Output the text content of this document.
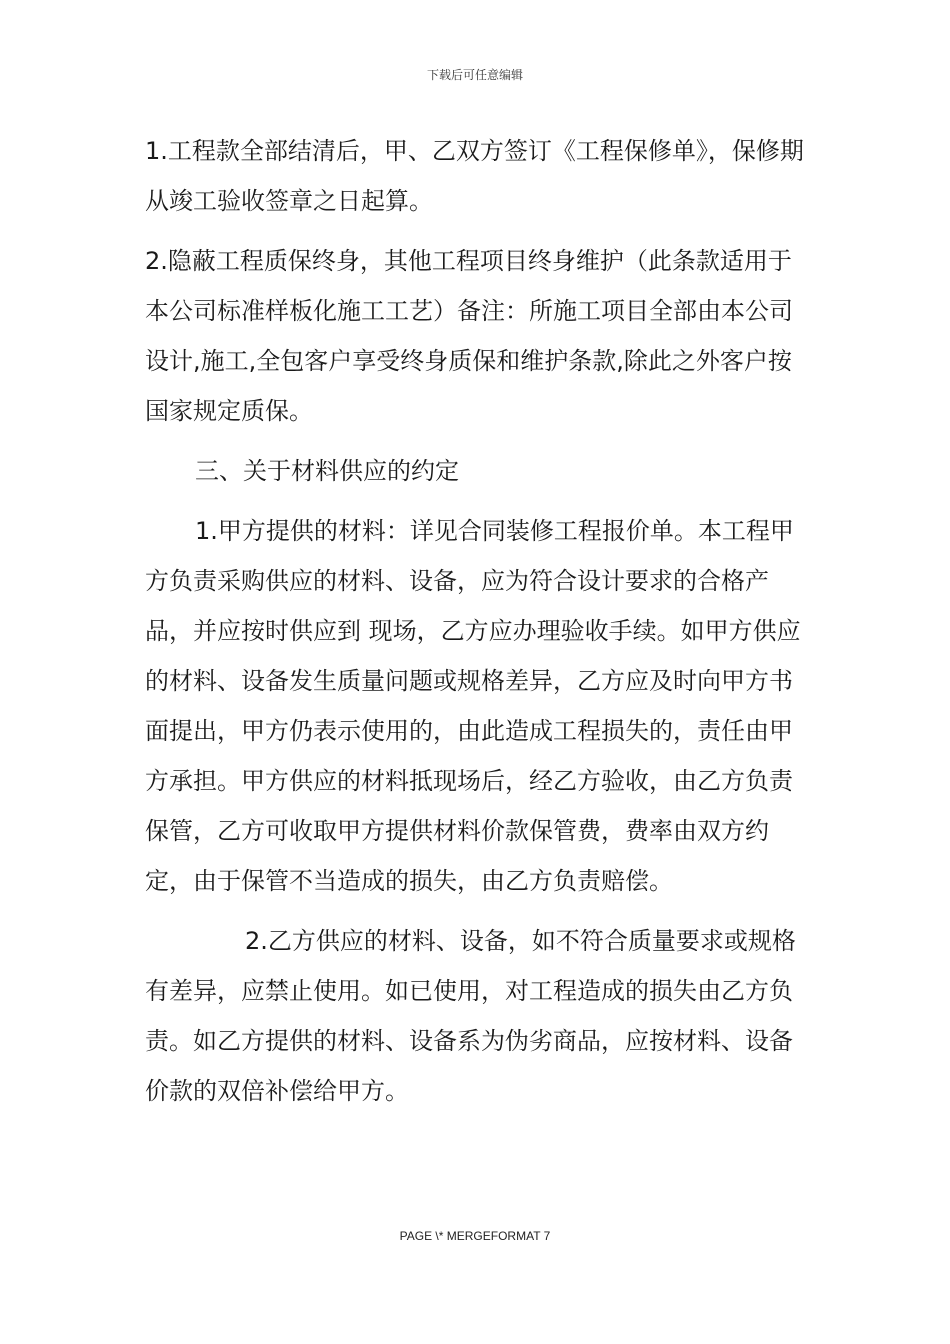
下载后可任意编辑

1.工程款全部结清后，甲、乙双方签订《工程保修单》，保修期从竣工验收签章之日起算。

2.隐蔽工程质保终身，其他工程项目终身维护（此条款适用于本公司标准样板化施工工艺）备注：所施工项目全部由本公司设计,施工,全包客户享受终身质保和维护条款,除此之外客户按国家规定质保。

三、关于材料供应的约定

1.甲方提供的材料：详见合同装修工程报价单。本工程甲方负责采购供应的材料、设备，应为符合设计要求的合格产品，并应按时供应到 现场，乙方应办理验收手续。如甲方供应的材料、设备发生质量问题或规格差异，乙方应及时向甲方书面提出，甲方仍表示使用的，由此造成工程损失的，责任由甲 方承担。甲方供应的材料抵现场后，经乙方验收，由乙方负责保管，乙方可收取甲方提供材料价款保管费，费率由双方约定，由于保管不当造成的损失，由乙方负责赔偿。

2.乙方供应的材料、设备，如不符合质量要求或规格有差异，应禁止使用。如已使用，对工程造成的损失由乙方负责。如乙方提供的材料、设备系为伪劣商品，应按材料、设备价款的双倍补偿给甲方。

PAGE \* MERGEFORMAT 7
